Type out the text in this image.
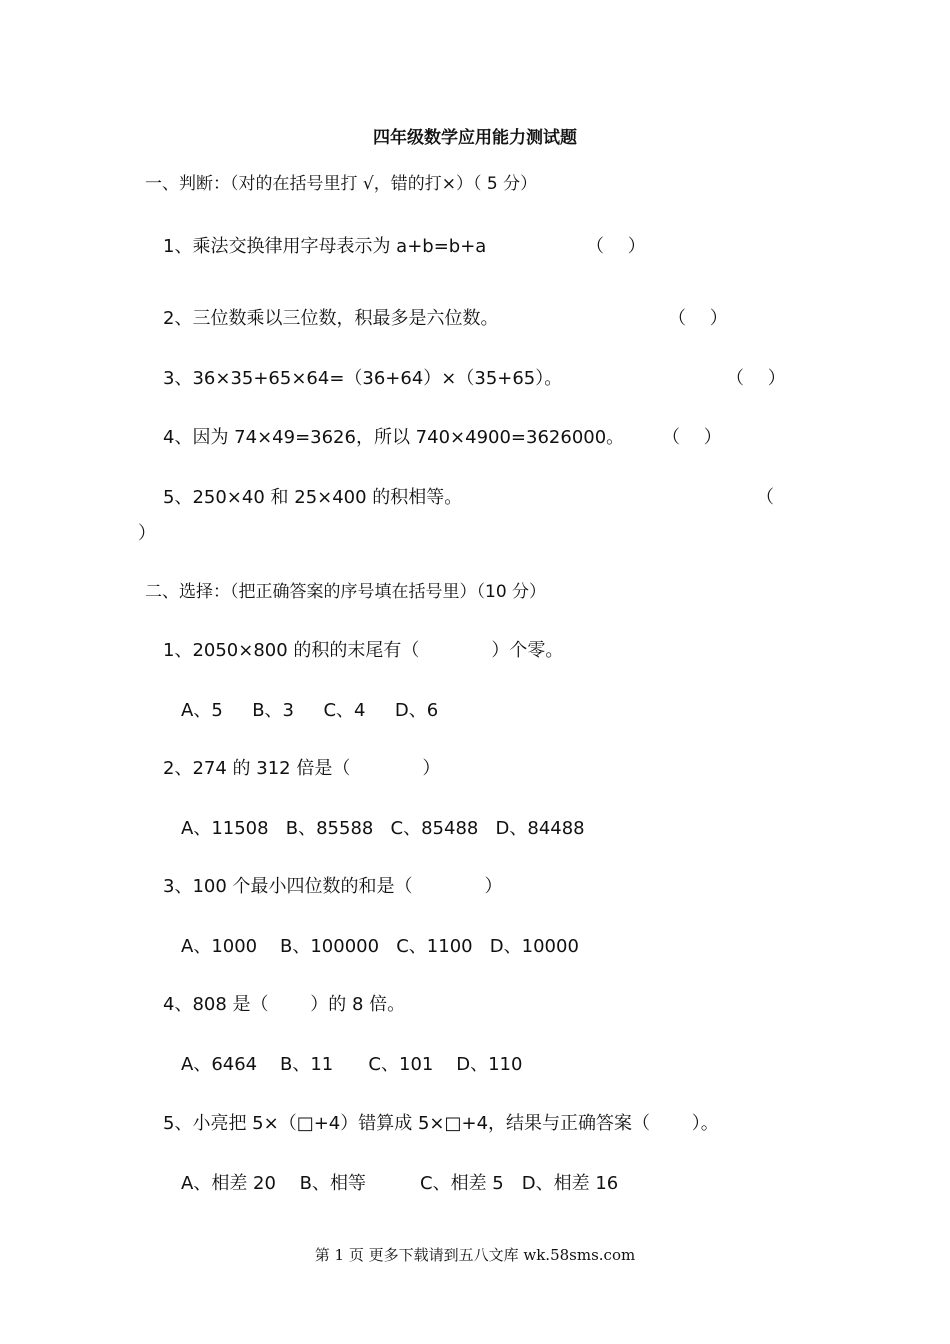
四年级数学应用能力测试题
一、判断：（对的在括号里打 √，错的打×）（ 5 分）
1、乘法交换律用字母表示为 a+b=b+a	（　 ）
2、三位数乘以三位数，积最多是六位数。	（　 ）
3、36×35+65×64=（36+64）×（35+65）。	（　 ）
4、因为 74×49=3626，所以 740×4900=3626000。 （　 ）
5、250×40 和 25×400 的积相等。	（
）
二、选择：（把正确答案的序号填在括号里）（10 分）
1、2050×800 的积的末尾有（　　　　）个零。
A、5　  B、3　  C、4　  D、6
2、274 的 312 倍是（　　　　）
A、11508   B、85588   C、85488   D、84488
3、100 个最小四位数的和是（　　　　）
A、1000    B、100000   C、1100   D、10000
4、808 是（　　 ）的 8 倍。
A、6464    B、11　   C、101    D、110
5、小亮把 5×（□+4）错算成 5×□+4，结果与正确答案（　　 ）。
A、相差 20　 B、相等　　　C、相差 5　D、相差 16
第 1 页 更多下载请到五八文库 wk.58sms.com
